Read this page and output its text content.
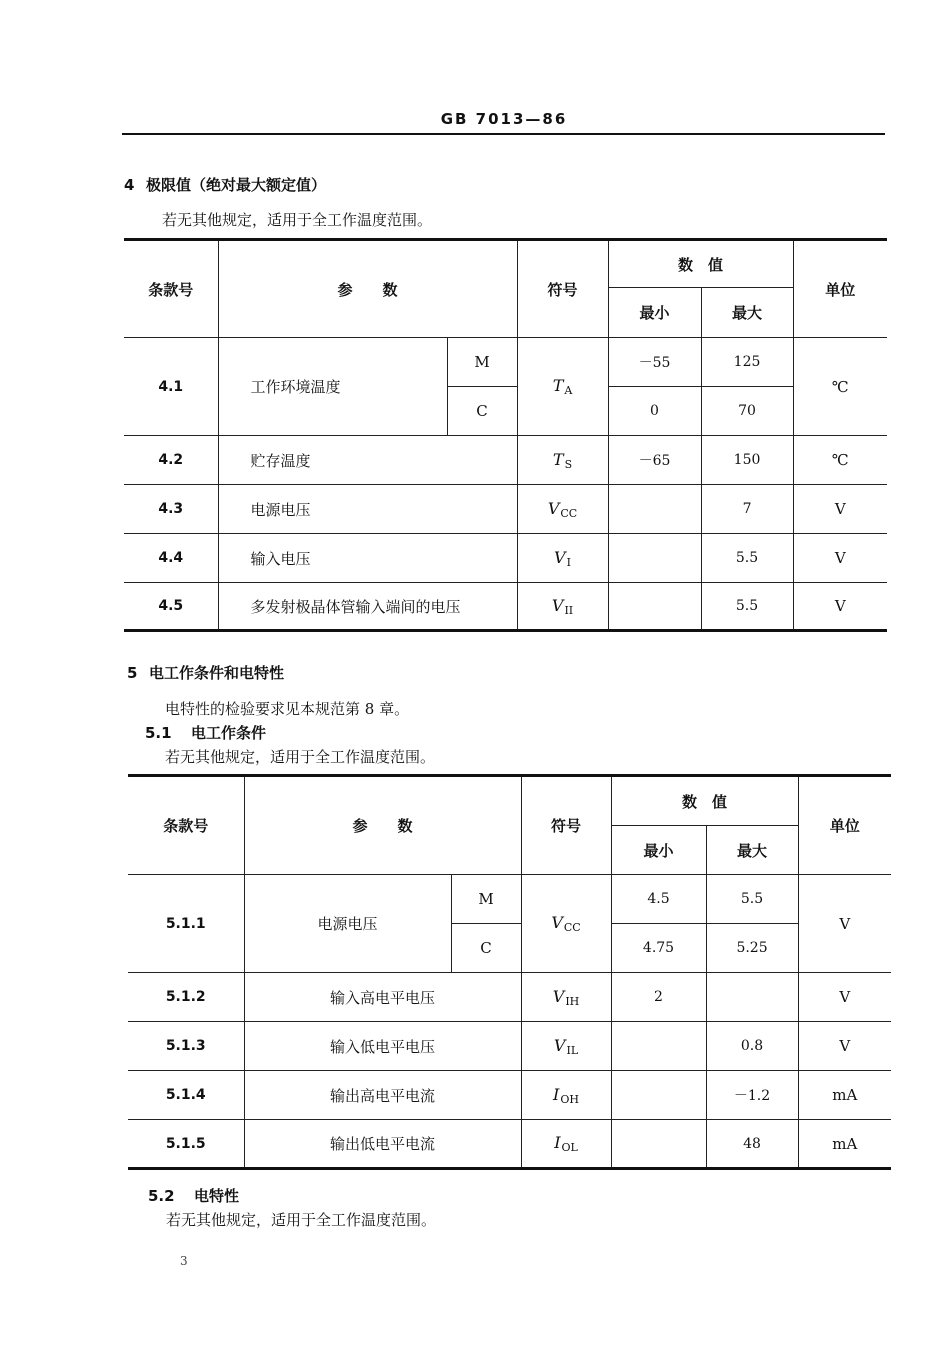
GB 7013—86
4 极限值（绝对最大额定值）
若无其他规定，适用于全工作温度范围。
条款号	参　　数		符号	数　值		单位
				最小	最大	
4.1	工作环境温度	M	$T_A$	－55	125	℃
		C		0	70	
4.2	贮存温度		$T_S$	－65	150	℃
4.3	电源电压		$V_{CC}$		7	V
4.4	输入电压		$V_I$		5.5	V
4.5	多发射极晶体管输入端间的电压		$V_{II}$		5.5	V
5 电工作条件和电特性
电特性的检验要求见本规范第 8 章。
5.1 电工作条件
若无其他规定，适用于全工作温度范围。
条款号	参　　数		符号	数　值		单位
				最小	最大	
5.1.1	电源电压	M	$V_{CC}$	4.5	5.5	V
		C		4.75	5.25	
5.1.2	输入高电平电压		$V_{IH}$	2		V
5.1.3	输入低电平电压		$V_{IL}$		0.8	V
5.1.4	输出高电平电流		$I_{OH}$		－1.2	mA
5.1.5	输出低电平电流		$I_{OL}$		48	mA
5.2 电特性
若无其他规定，适用于全工作温度范围。
3
